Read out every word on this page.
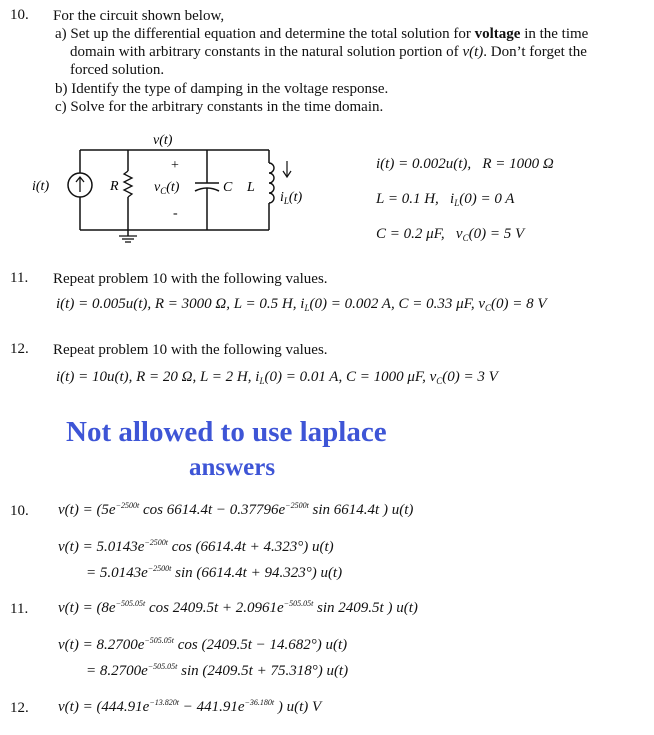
10. For the circuit shown below,
a) Set up the differential equation and determine the total solution for voltage in the time
domain with arbitrary constants in the natural solution portion of v(t). Don’t forget the
forced solution.
b) Identify the type of damping in the voltage response.
c) Solve for the arbitrary constants in the time domain.
v(t)
i(t)	R
+
$v_C(t)$
-
C L
$i_L(t)$
i(t) = 0.002u(t), R = 1000 Ω
L = 0.1 H, $i_L(0) = 0$ A
C = 0.2 μF, $v_C(0) = 5$ V
11. Repeat problem 10 with the following values.
i(t) = 0.005u(t), R = 3000 Ω, L = 0.5 H, $i_L(0) = 0.002$ A, C = 0.33 μF, $v_C(0) = 8$ V
12. Repeat problem 10 with the following values.
i(t) = 10u(t), R = 20 Ω, L = 2 H, $i_L(0) = 0.01$ A, C = 1000 μF, $v_C(0) = 3$ V
Not allowed to use laplace
answers
10. $v(t) = (5e^{-2500t}$ $\cos 6614.4t - 0.37796e^{-2500t}$ sin 6614.4t ) u(t)
$v(t) = 5.0143e^{-2500t}$ cos (6614.4t + 4.323°) u(t)
= $5.0143e^{-2500t}$ sin (6614.4t + 94.323°) u(t)
11. $v(t) = (8e^{-505.05t}$ $\cos 2409.5t + 2.0961e^{-505.05t}$ sin 2409.5t ) u(t)
$v(t) = 8.2700e^{-505.05t}$ cos (2409.5t − 14.682°) u(t)
= $8.2700e^{-505.05t}$ sin (2409.5t + 75.318°) u(t)
12. $v(t) = (444.91e^{-13.820t} - 441.91e^{-36.180t}$ ) u(t) V
